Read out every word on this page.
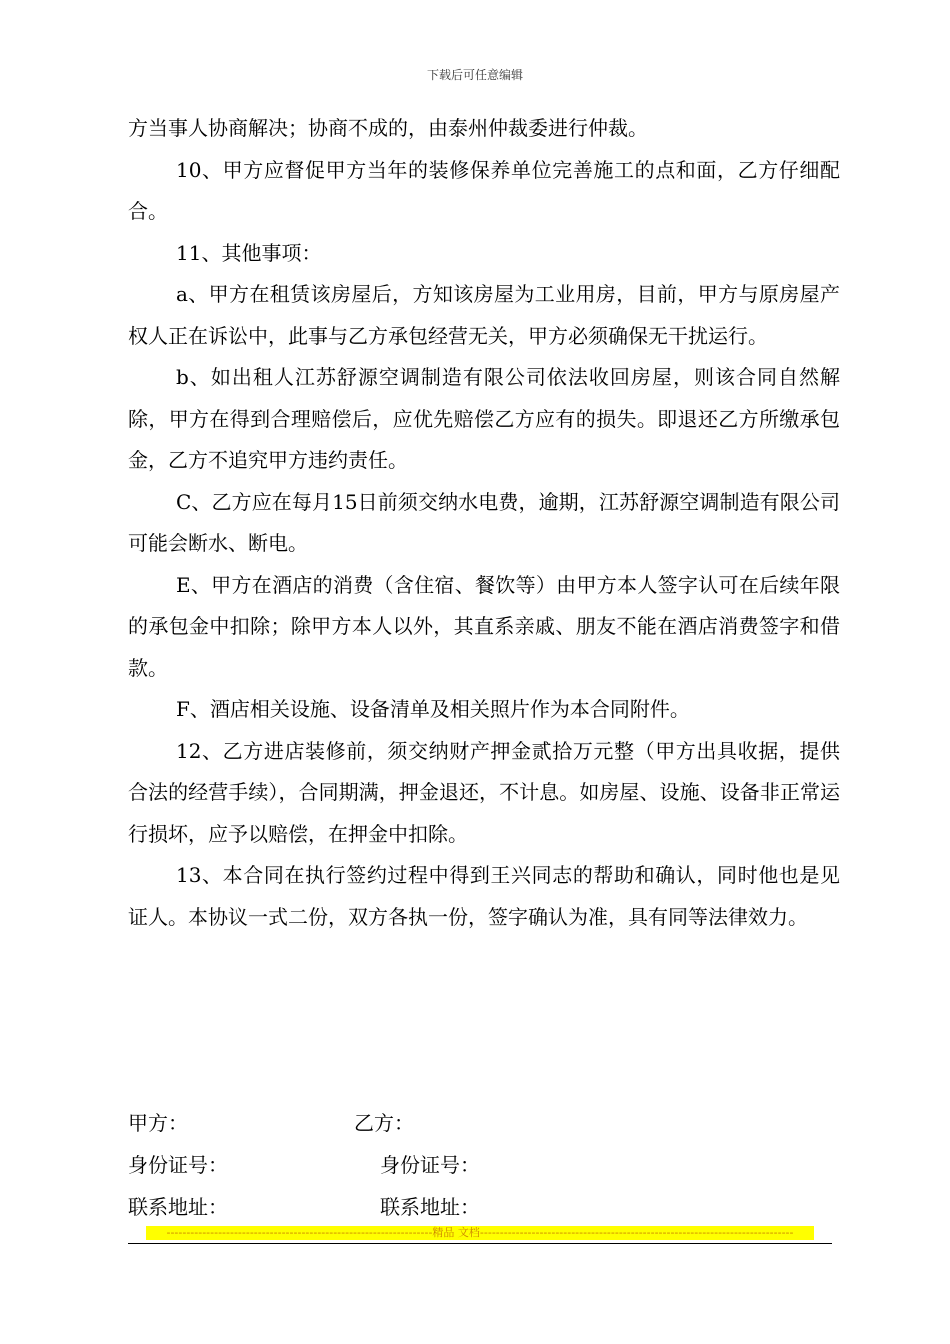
下载后可任意编辑

方当事人协商解决；协商不成的，由泰州仲裁委进行仲裁。

10、甲方应督促甲方当年的装修保养单位完善施工的点和面，乙方仔细配合。

11、其他事项：

a、甲方在租赁该房屋后，方知该房屋为工业用房，目前，甲方与原房屋产权人正在诉讼中，此事与乙方承包经营无关，甲方必须确保无干扰运行。

b、如出租人江苏舒源空调制造有限公司依法收回房屋，则该合同自然解除，甲方在得到合理赔偿后，应优先赔偿乙方应有的损失。即退还乙方所缴承包金，乙方不追究甲方违约责任。

C、乙方应在每月15日前须交纳水电费，逾期，江苏舒源空调制造有限公司可能会断水、断电。

E、甲方在酒店的消费（含住宿、餐饮等）由甲方本人签字认可在后续年限的承包金中扣除；除甲方本人以外，其直系亲戚、朋友不能在酒店消费签字和借款。

F、酒店相关设施、设备清单及相关照片作为本合同附件。

12、乙方进店装修前，须交纳财产押金贰拾万元整（甲方出具收据，提供合法的经营手续），合同期满，押金退还，不计息。如房屋、设施、设备非正常运行损坏，应予以赔偿，在押金中扣除。

13、本合同在执行签约过程中得到王兴同志的帮助和确认，同时他也是见证人。本协议一式二份，双方各执一份，签字确认为准，具有同等法律效力。

甲方：	乙方：
身份证号：	身份证号：
联系地址：	联系地址：
-------------------------------------------------------------------精品 文档-------------------------------------------------------------------------------
